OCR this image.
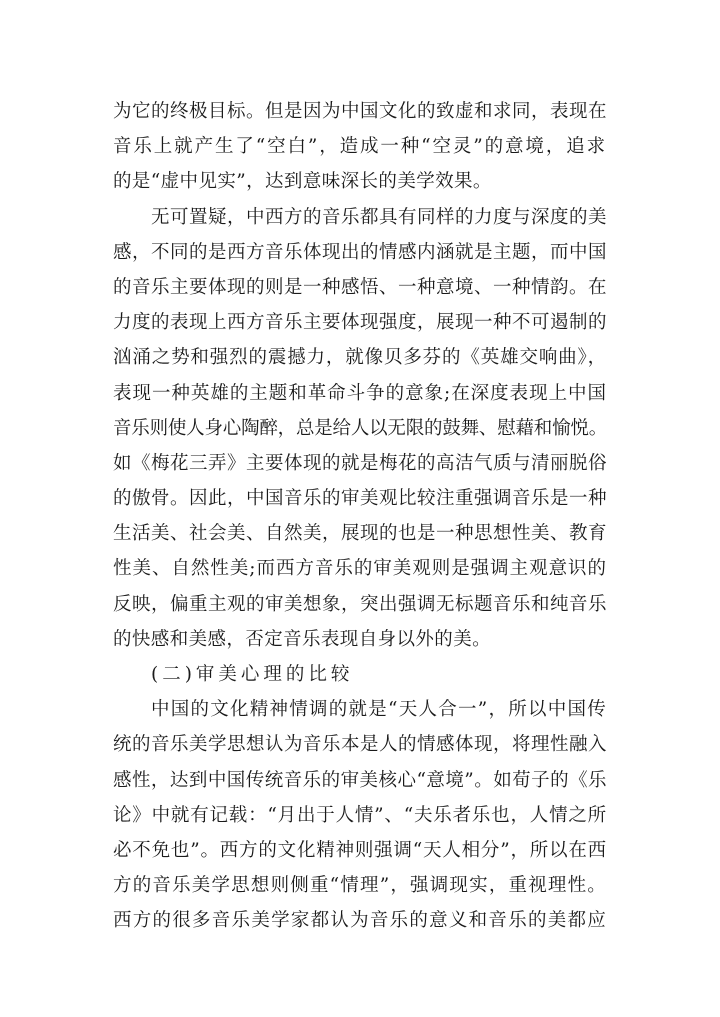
为它的终极目标。但是因为中国文化的致虚和求同，表现在
音乐上就产生了“空白”，造成一种“空灵”的意境，追求
的是“虚中见实”，达到意味深长的美学效果。
无可置疑，中西方的音乐都具有同样的力度与深度的美
感，不同的是西方音乐体现出的情感内涵就是主题，而中国
的音乐主要体现的则是一种感悟、一种意境、一种情韵。在
力度的表现上西方音乐主要体现强度，展现一种不可遏制的
汹涌之势和强烈的震撼力，就像贝多芬的《英雄交响曲》，
表现一种英雄的主题和革命斗争的意象;在深度表现上中国
音乐则使人身心陶醉，总是给人以无限的鼓舞、慰藉和愉悦。
如《梅花三弄》主要体现的就是梅花的高洁气质与清丽脱俗
的傲骨。因此，中国音乐的审美观比较注重强调音乐是一种
生活美、社会美、自然美，展现的也是一种思想性美、教育
性美、自然性美;而西方音乐的审美观则是强调主观意识的
反映，偏重主观的审美想象，突出强调无标题音乐和纯音乐
的快感和美感，否定音乐表现自身以外的美。
(二)审美心理的比较
中国的文化精神情调的就是“天人合一”，所以中国传
统的音乐美学思想认为音乐本是人的情感体现，将理性融入
感性，达到中国传统音乐的审美核心“意境”。如荀子的《乐
论》中就有记载：“月出于人情”、“夫乐者乐也，人情之所
必不免也”。西方的文化精神则强调“天人相分”，所以在西
方的音乐美学思想则侧重“情理”，强调现实，重视理性。
西方的很多音乐美学家都认为音乐的意义和音乐的美都应
